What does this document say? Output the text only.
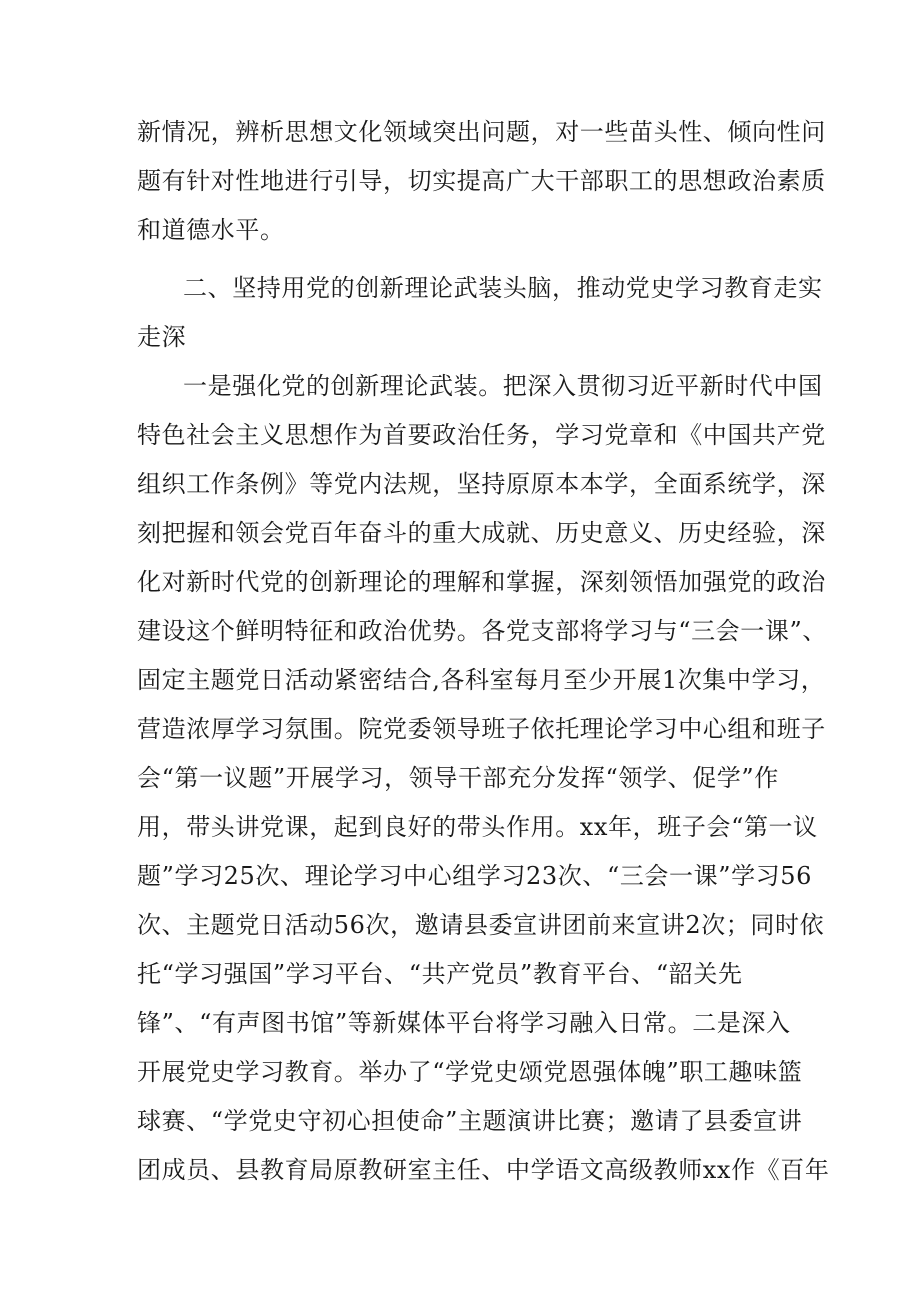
新情况，辨析思想文化领域突出问题，对一些苗头性、倾向性问
题有针对性地进行引导，切实提高广大干部职工的思想政治素质
和道德水平。
二、坚持用党的创新理论武装头脑，推动党史学习教育走实
走深
一是强化党的创新理论武装。把深入贯彻习近平新时代中国
特色社会主义思想作为首要政治任务，学习党章和《中国共产党
组织工作条例》等党内法规，坚持原原本本学，全面系统学，深
刻把握和领会党百年奋斗的重大成就、历史意义、历史经验，深
化对新时代党的创新理论的理解和掌握，深刻领悟加强党的政治
建设这个鲜明特征和政治优势。各党支部将学习与“三会一课”、
固定主题党日活动紧密结合,各科室每月至少开展1次集中学习，
营造浓厚学习氛围。院党委领导班子依托理论学习中心组和班子
会“第一议题”开展学习，领导干部充分发挥“领学、促学”作
用，带头讲党课，起到良好的带头作用。xx年，班子会“第一议
题”学习25次、理论学习中心组学习23次、“三会一课”学习56
次、主题党日活动56次，邀请县委宣讲团前来宣讲2次；同时依
托“学习强国”学习平台、“共产党员”教育平台、“韶关先
锋”、“有声图书馆”等新媒体平台将学习融入日常。二是深入
开展党史学习教育。举办了“学党史颂党恩强体魄”职工趣味篮
球赛、“学党史守初心担使命”主题演讲比赛；邀请了县委宣讲
团成员、县教育局原教研室主任、中学语文高级教师xx作《百年
